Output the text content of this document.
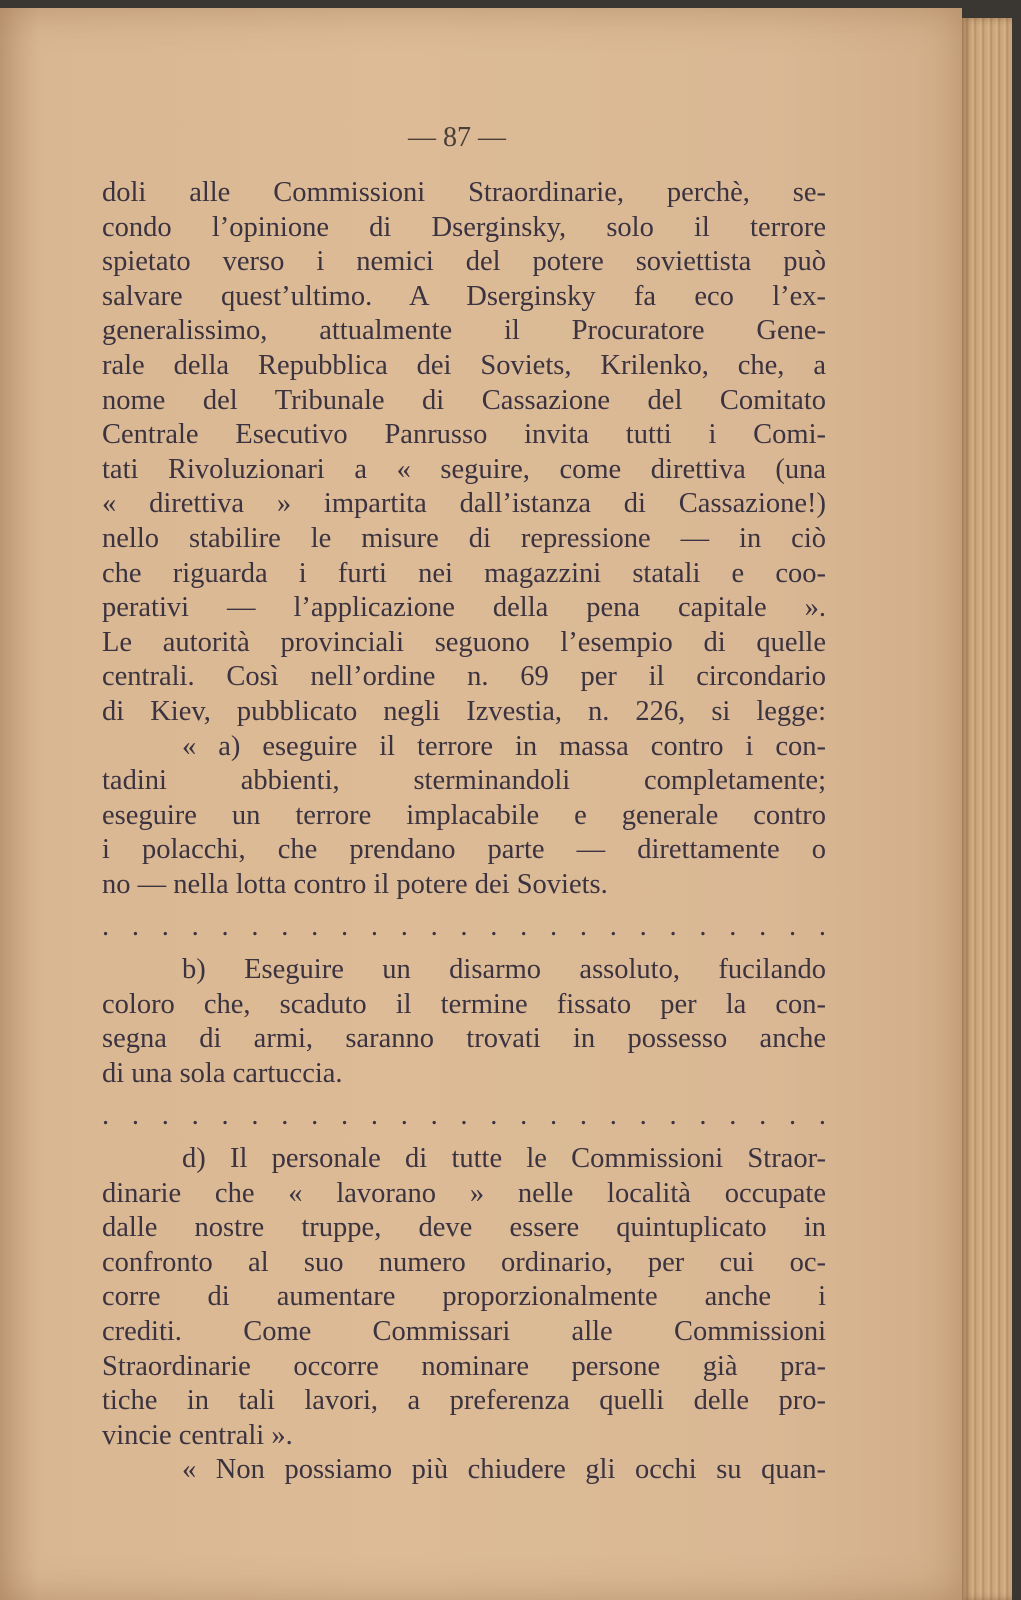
— 87 —
doli alle Commissioni Straordinarie, perchè, se-
condo l’opinione di Dserginsky, solo il terrore
spietato verso i nemici del potere soviettista può
salvare quest’ultimo. A Dserginsky fa eco l’ex-
generalissimo, attualmente il Procuratore Gene-
rale della Repubblica dei Soviets, Krilenko, che, a
nome del Tribunale di Cassazione del Comitato
Centrale Esecutivo Panrusso invita tutti i Comi-
tati Rivoluzionari a « seguire, come direttiva (una
« direttiva » impartita dall’istanza di Cassazione!)
nello stabilire le misure di repressione — in ciò
che riguarda i furti nei magazzini statali e coo-
perativi — l’applicazione della pena capitale ».
Le autorità provinciali seguono l’esempio di quelle
centrali. Così nell’ordine n. 69 per il circondario
di Kiev, pubblicato negli Izvestia, n. 226, si legge:
« a) eseguire il terrore in massa contro i con-
tadini abbienti, sterminandoli completamente;
eseguire un terrore implacabile e generale contro
i polacchi, che prendano parte — direttamente o
no — nella lotta contro il potere dei Soviets.
. . . . . . . . . . . . . . . . . . . . . . . . .
b) Eseguire un disarmo assoluto, fucilando
coloro che, scaduto il termine fissato per la con-
segna di armi, saranno trovati in possesso anche
di una sola cartuccia.
. . . . . . . . . . . . . . . . . . . . . . . . .
d) Il personale di tutte le Commissioni Straor-
dinarie che « lavorano » nelle località occupate
dalle nostre truppe, deve essere quintuplicato in
confronto al suo numero ordinario, per cui oc-
corre di aumentare proporzionalmente anche i
crediti. Come Commissari alle Commissioni
Straordinarie occorre nominare persone già pra-
tiche in tali lavori, a preferenza quelli delle pro-
vincie centrali ».
« Non possiamo più chiudere gli occhi su quan-
